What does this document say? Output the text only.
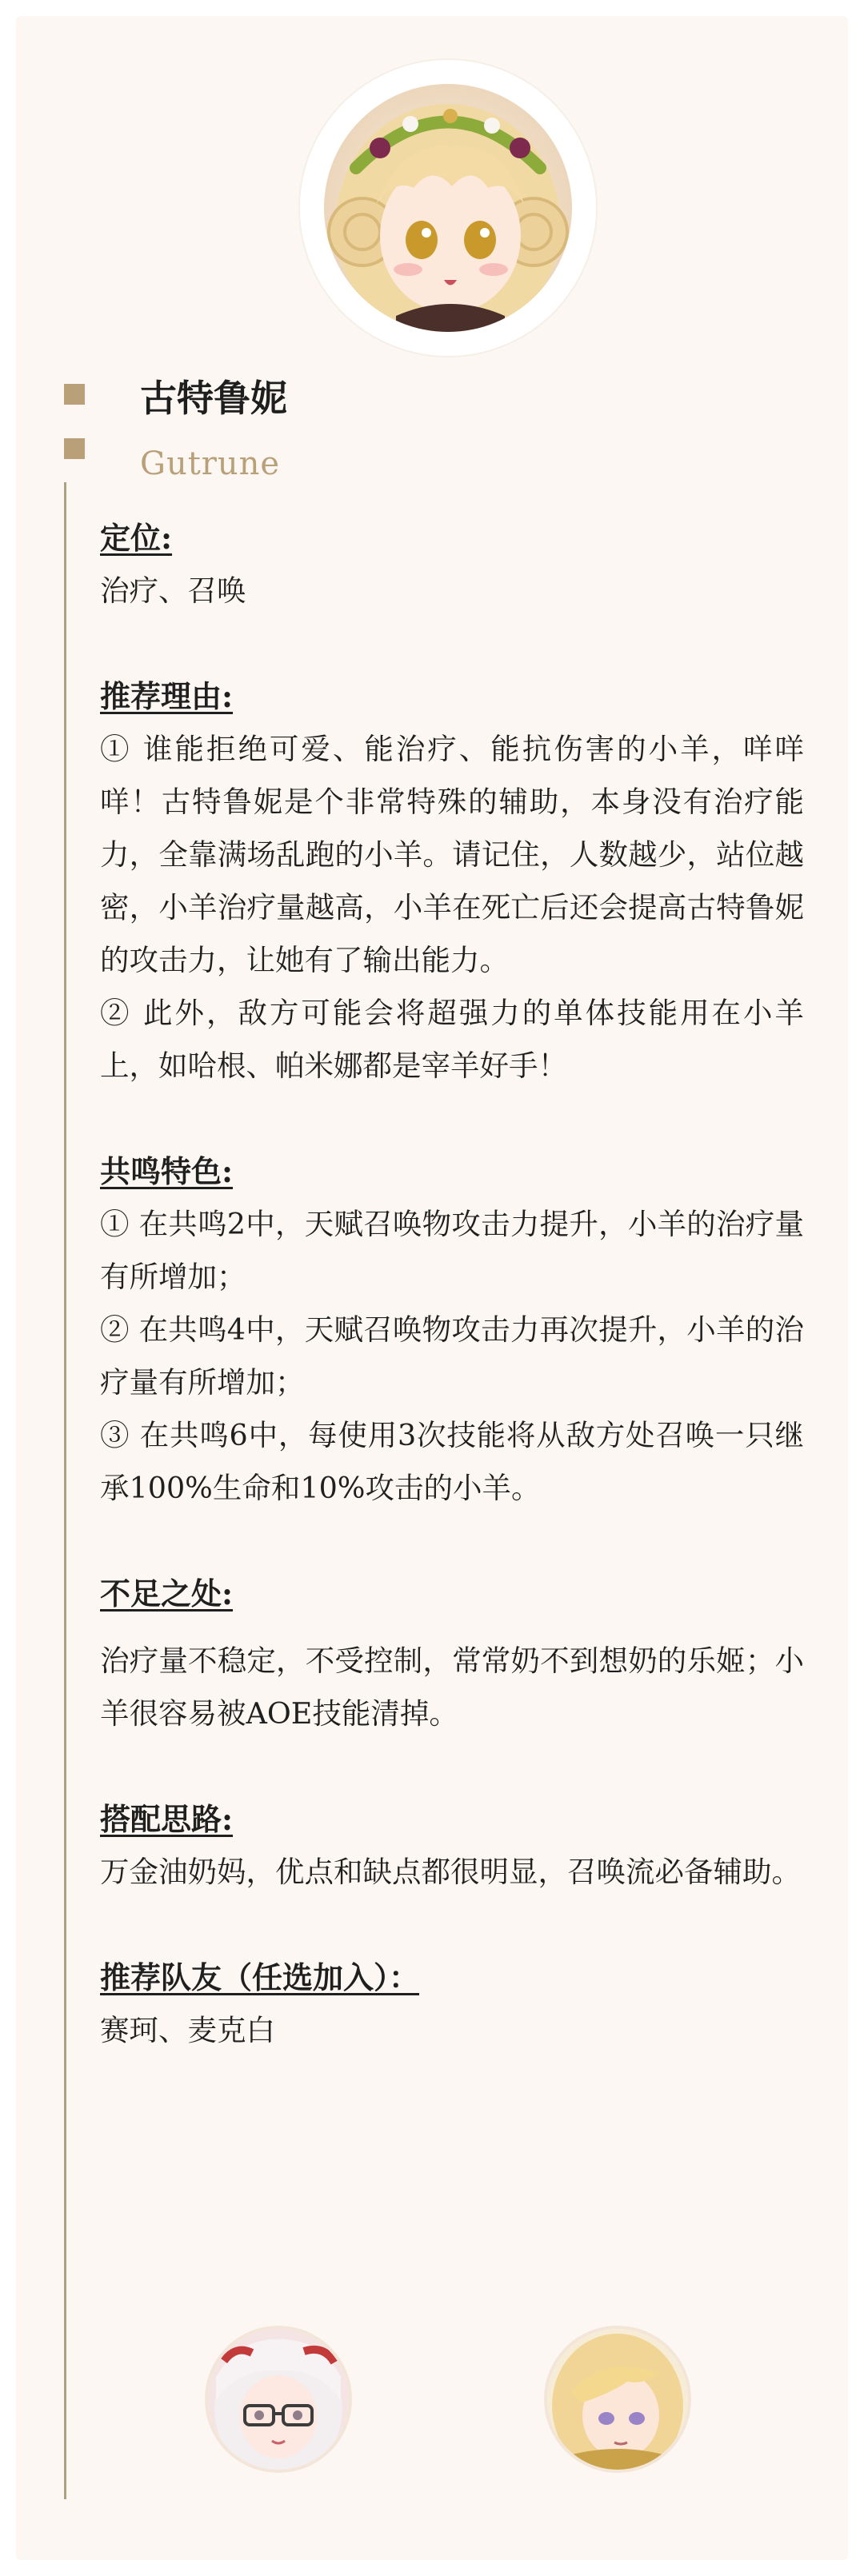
古特鲁妮
Gutrune
定位:

治疗、召唤

推荐理由:

① 谁能拒绝可爱、能治疗、能抗伤害的小羊，咩咩咩！古特鲁妮是个非常特殊的辅助，本身没有治疗能力，全靠满场乱跑的小羊。请记住，人数越少，站位越密，小羊治疗量越高，小羊在死亡后还会提高古特鲁妮的攻击力，让她有了输出能力。

② 此外，敌方可能会将超强力的单体技能用在小羊上，如哈根、帕米娜都是宰羊好手！

共鸣特色:

① 在共鸣2中，天赋召唤物攻击力提升，小羊的治疗量有所增加；

② 在共鸣4中，天赋召唤物攻击力再次提升，小羊的治疗量有所增加；

③ 在共鸣6中，每使用3次技能将从敌方处召唤一只继承100%生命和10%攻击的小羊。

不足之处:

治疗量不稳定，不受控制，常常奶不到想奶的乐姬；小羊很容易被AOE技能清掉。

搭配思路:

万金油奶妈，优点和缺点都很明显，召唤流必备辅助。

推荐队友（任选加入）：

赛珂、麦克白
